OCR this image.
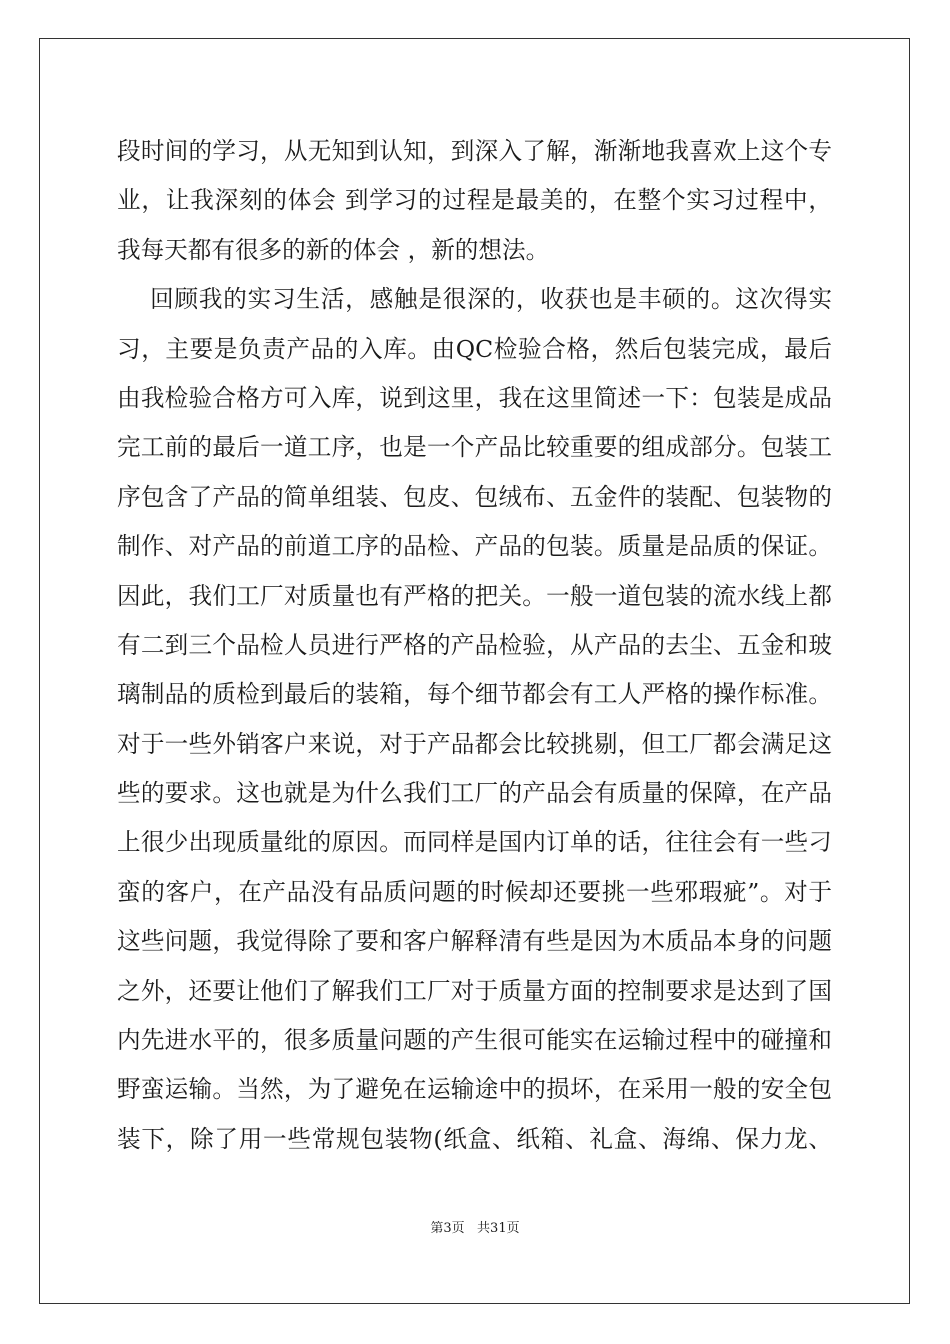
段时间的学习，从无知到认知，到深入了解，渐渐地我喜欢上这个专
业，让我深刻的体会 到学习的过程是最美的，在整个实习过程中，
我每天都有很多的新的体会 ，新的想法。
回顾我的实习生活，感触是很深的，收获也是丰硕的。这次得实
习，主要是负责产品的入库。由QC检验合格，然后包装完成，最后
由我检验合格方可入库，说到这里，我在这里简述一下：包装是成品
完工前的最后一道工序，也是一个产品比较重要的组成部分。包装工
序包含了产品的简单组装、包皮、包绒布、五金件的装配、包装物的
制作、对产品的前道工序的品检、产品的包装。质量是品质的保证。
因此，我们工厂对质量也有严格的把关。一般一道包装的流水线上都
有二到三个品检人员进行严格的产品检验，从产品的去尘、五金和玻
璃制品的质检到最后的装箱，每个细节都会有工人严格的操作标准。
对于一些外销客户来说，对于产品都会比较挑剔，但工厂都会满足这
些的要求。这也就是为什么我们工厂的产品会有质量的保障，在产品
上很少出现质量纰的原因。而同样是国内订单的话，往往会有一些刁
蛮的客户，在产品没有品质问题的时候却还要挑一些邪瑕疵”。对于
这些问题，我觉得除了要和客户解释清有些是因为木质品本身的问题
之外，还要让他们了解我们工厂对于质量方面的控制要求是达到了国
内先进水平的，很多质量问题的产生很可能实在运输过程中的碰撞和
野蛮运输。当然，为了避免在运输途中的损坏，在采用一般的安全包
装下，除了用一些常规包装物(纸盒、纸箱、礼盒、海绵、保力龙、
第3页   共31页
